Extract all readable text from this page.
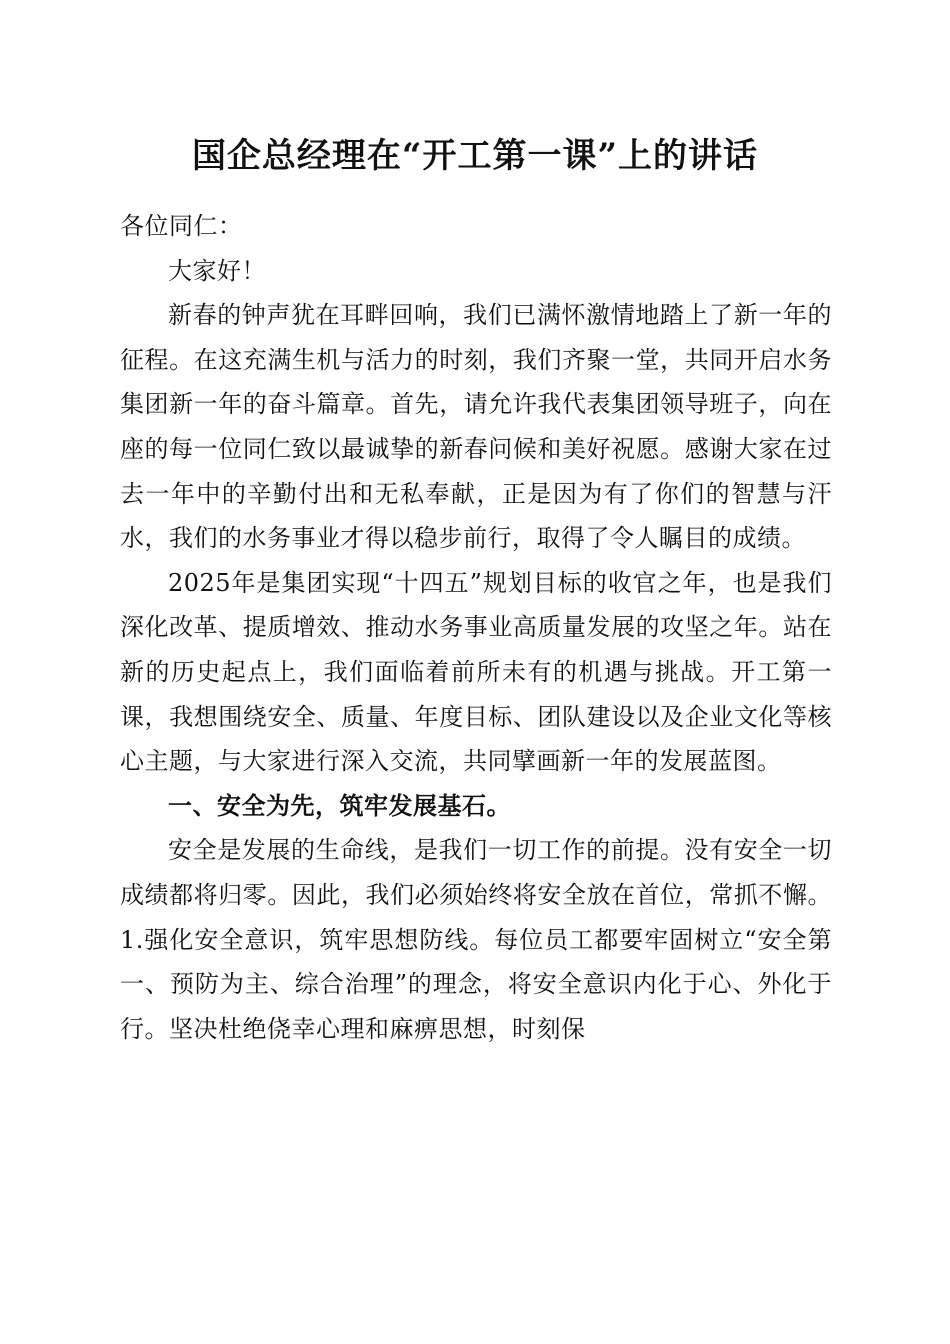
国企总经理在“开工第一课”上的讲话

各位同仁：

大家好！

新春的钟声犹在耳畔回响，我们已满怀激情地踏上了新一年的征程。在这充满生机与活力的时刻，我们齐聚一堂，共同开启水务集团新一年的奋斗篇章。首先，请允许我代表集团领导班子，向在座的每一位同仁致以最诚挚的新春问候和美好祝愿。感谢大家在过去一年中的辛勤付出和无私奉献，正是因为有了你们的智慧与汗水，我们的水务事业才得以稳步前行，取得了令人瞩目的成绩。

2025年是集团实现“十四五”规划目标的收官之年，也是我们深化改革、提质增效、推动水务事业高质量发展的攻坚之年。站在新的历史起点上，我们面临着前所未有的机遇与挑战。开工第一课，我想围绕安全、质量、年度目标、团队建设以及企业文化等核心主题，与大家进行深入交流，共同擘画新一年的发展蓝图。

一、安全为先，筑牢发展基石。

安全是发展的生命线，是我们一切工作的前提。没有安全一切成绩都将归零。因此，我们必须始终将安全放在首位，常抓不懈。1.强化安全意识，筑牢思想防线。每位员工都要牢固树立“安全第一、预防为主、综合治理”的理念，将安全意识内化于心、外化于行。坚决杜绝侥幸心理和麻痹思想，时刻保
